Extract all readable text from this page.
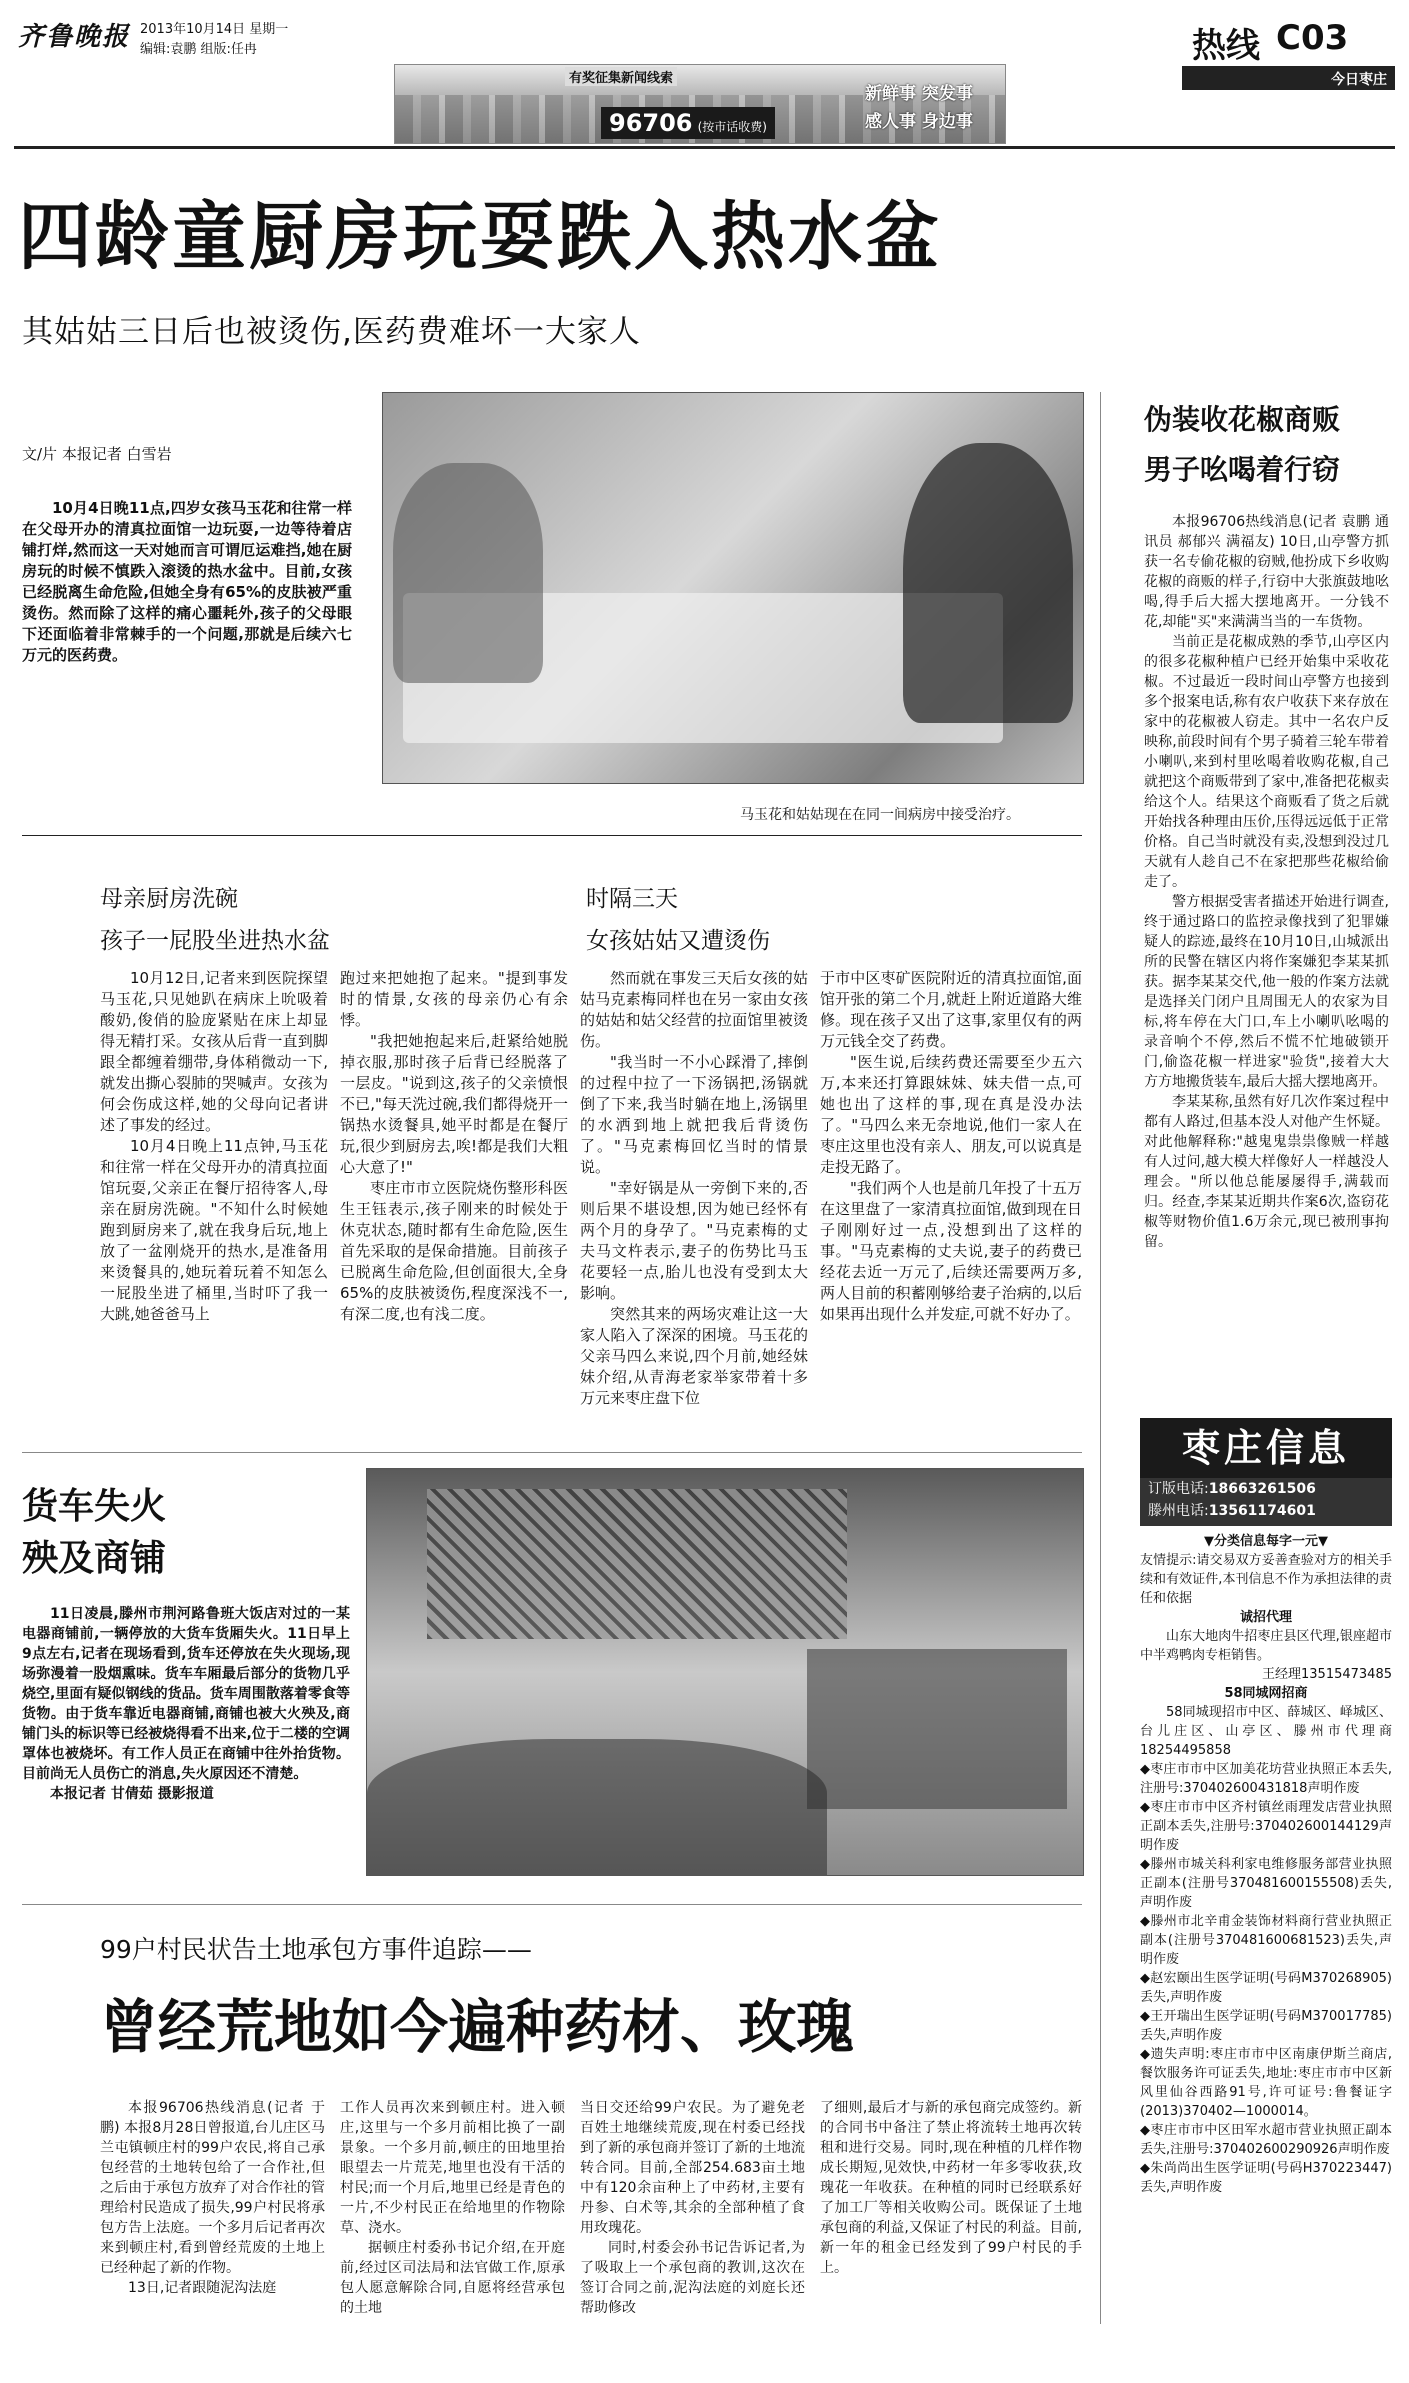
齐鲁晚报 2013年10月14日 星期一
编辑:袁鹏 组版:任冉
有奖征集新闻线索
96706 (按市话收费)
新鲜事 突发事
感人事 身边事
热线 C03
今日枣庄
四龄童厨房玩耍跌入热水盆
其姑姑三日后也被烫伤,医药费难坏一大家人
文/片 本报记者 白雪岩

10月4日晚11点,四岁女孩马玉花和往常一样在父母开办的清真拉面馆一边玩耍,一边等待着店铺打烊,然而这一天对她而言可谓厄运难挡,她在厨房玩的时候不慎跌入滚烫的热水盆中。目前,女孩已经脱离生命危险,但她全身有65%的皮肤被严重烫伤。然而除了这样的痛心噩耗外,孩子的父母眼下还面临着非常棘手的一个问题,那就是后续六七万元的医药费。

马玉花和姑姑现在在同一间病房中接受治疗。
母亲厨房洗碗
孩子一屁股坐进热水盆
时隔三天
女孩姑姑又遭烫伤

10月12日,记者来到医院探望马玉花,只见她趴在病床上吮吸着酸奶,俊俏的脸庞紧贴在床上却显得无精打采。女孩从后背一直到脚跟全都缠着绷带,身体稍微动一下,就发出撕心裂肺的哭喊声。女孩为何会伤成这样,她的父母向记者讲述了事发的经过。

10月4日晚上11点钟,马玉花和往常一样在父母开办的清真拉面馆玩耍,父亲正在餐厅招待客人,母亲在厨房洗碗。"不知什么时候她跑到厨房来了,就在我身后玩,地上放了一盆刚烧开的热水,是准备用来烫餐具的,她玩着玩着不知怎么一屁股坐进了桶里,当时吓了我一大跳,她爸爸马上

跑过来把她抱了起来。"提到事发时的情景,女孩的母亲仍心有余悸。

"我把她抱起来后,赶紧给她脱掉衣服,那时孩子后背已经脱落了一层皮。"说到这,孩子的父亲愤恨不已,"每天洗过碗,我们都得烧开一锅热水烫餐具,她平时都是在餐厅玩,很少到厨房去,唉!都是我们大粗心大意了!"

枣庄市市立医院烧伤整形科医生王钰表示,孩子刚来的时候处于休克状态,随时都有生命危险,医生首先采取的是保命措施。目前孩子已脱离生命危险,但创面很大,全身65%的皮肤被烫伤,程度深浅不一,有深二度,也有浅二度。

然而就在事发三天后女孩的姑姑马克素梅同样也在另一家由女孩的姑姑和姑父经营的拉面馆里被烫伤。

"我当时一不小心踩滑了,摔倒的过程中拉了一下汤锅把,汤锅就倒了下来,我当时躺在地上,汤锅里的水洒到地上就把我后背烫伤了。"马克素梅回忆当时的情景说。

"幸好锅是从一旁倒下来的,否则后果不堪设想,因为她已经怀有两个月的身孕了。"马克素梅的丈夫马文杵表示,妻子的伤势比马玉花要轻一点,胎儿也没有受到太大影响。

突然其来的两场灾难让这一大家人陷入了深深的困境。马玉花的父亲马四么来说,四个月前,她经妹妹介绍,从青海老家举家带着十多万元来枣庄盘下位

于市中区枣矿医院附近的清真拉面馆,面馆开张的第二个月,就赶上附近道路大维修。现在孩子又出了这事,家里仅有的两万元钱全交了药费。

"医生说,后续药费还需要至少五六万,本来还打算跟妹妹、妹夫借一点,可她也出了这样的事,现在真是没办法了。"马四么来无奈地说,他们一家人在枣庄这里也没有亲人、朋友,可以说真是走投无路了。

"我们两个人也是前几年投了十五万在这里盘了一家清真拉面馆,做到现在日子刚刚好过一点,没想到出了这样的事。"马克素梅的丈夫说,妻子的药费已经花去近一万元了,后续还需要两万多,两人目前的积蓄刚够给妻子治病的,以后如果再出现什么并发症,可就不好办了。

伪装收花椒商贩
男子吆喝着行窃

本报96706热线消息(记者 袁鹏 通讯员 郝郁兴 满福友) 10日,山亭警方抓获一名专偷花椒的窃贼,他扮成下乡收购花椒的商贩的样子,行窃中大张旗鼓地吆喝,得手后大摇大摆地离开。一分钱不花,却能"买"来满满当当的一车货物。

当前正是花椒成熟的季节,山亭区内的很多花椒种植户已经开始集中采收花椒。不过最近一段时间山亭警方也接到多个报案电话,称有农户收获下来存放在家中的花椒被人窃走。其中一名农户反映称,前段时间有个男子骑着三轮车带着小喇叭,来到村里吆喝着收购花椒,自己就把这个商贩带到了家中,准备把花椒卖给这个人。结果这个商贩看了货之后就开始找各种理由压价,压得远远低于正常价格。自己当时就没有卖,没想到没过几天就有人趁自己不在家把那些花椒给偷走了。

警方根据受害者描述开始进行调查,终于通过路口的监控录像找到了犯罪嫌疑人的踪迹,最终在10月10日,山城派出所的民警在辖区内将作案嫌犯李某某抓获。据李某某交代,他一般的作案方法就是选择关门闭户且周围无人的农家为目标,将车停在大门口,车上小喇叭吆喝的录音响个不停,然后不慌不忙地破锁开门,偷盗花椒一样进家"验货",接着大大方方地搬货装车,最后大摇大摆地离开。

李某某称,虽然有好几次作案过程中都有人路过,但基本没人对他产生怀疑。对此他解释称:"越鬼鬼祟祟像贼一样越有人过问,越大模大样像好人一样越没人理会。"所以他总能屡屡得手,满载而归。经查,李某某近期共作案6次,盗窃花椒等财物价值1.6万余元,现已被刑事拘留。

枣庄信息
订版电话:18663261506
滕州电话:13561174601
▼分类信息每字一元▼
友情提示:请交易双方妥善查验对方的相关手续和有效证件,本刊信息不作为承担法律的责任和依据
诚招代理
山东大地肉牛招枣庄县区代理,银座超市中半鸡鸭肉专柜销售。
王经理13515473485
58同城网招商
58同城现招市中区、薛城区、峄城区、台儿庄区、山亭区、滕州市代理商18254495858
◆枣庄市市中区加美花坊营业执照正本丢失,注册号:370402600431818声明作废
◆枣庄市市中区齐村镇丝雨理发店营业执照正副本丢失,注册号:370402600144129声明作废
◆滕州市城关科利家电维修服务部营业执照正副本(注册号370481600155508)丢失,声明作废
◆滕州市北辛甫金装饰材料商行营业执照正副本(注册号370481600681523)丢失,声明作废
◆赵宏颐出生医学证明(号码M370268905)丢失,声明作废
◆王开瑞出生医学证明(号码M370017785)丢失,声明作废
◆遗失声明:枣庄市市中区南康伊斯兰商店,餐饮服务许可证丢失,地址:枣庄市市中区新风里仙谷西路91号,许可证号:鲁餐证字(2013)370402—1000014。
◆枣庄市市中区田军水超市营业执照正副本丢失,注册号:370402600290926声明作废
◆朱尚尚出生医学证明(号码H370223447)丢失,声明作废
货车失火
殃及商铺

11日凌晨,滕州市荆河路鲁班大饭店对过的一某电器商铺前,一辆停放的大货车货厢失火。11日早上9点左右,记者在现场看到,货车还停放在失火现场,现场弥漫着一股烟熏味。货车车厢最后部分的货物几乎烧空,里面有疑似钢线的货品。货车周围散落着零食等货物。由于货车靠近电器商铺,商铺也被大火殃及,商铺门头的标识等已经被烧得看不出来,位于二楼的空调罩体也被烧坏。有工作人员正在商铺中往外抬货物。目前尚无人员伤亡的消息,失火原因还不清楚。

本报记者 甘倩茹 摄影报道
99户村民状告土地承包方事件追踪——
曾经荒地如今遍种药材、玫瑰

本报96706热线消息(记者 于鹏) 本报8月28日曾报道,台儿庄区马兰屯镇顿庄村的99户农民,将自己承包经营的土地转包给了一合作社,但之后由于承包方放弃了对合作社的管理给村民造成了损失,99户村民将承包方告上法庭。一个多月后记者再次来到顿庄村,看到曾经荒废的土地上已经种起了新的作物。

13日,记者跟随泥沟法庭

工作人员再次来到顿庄村。进入顿庄,这里与一个多月前相比换了一副景象。一个多月前,顿庄的田地里抬眼望去一片荒芜,地里也没有干活的村民;而一个月后,地里已经是青色的一片,不少村民正在给地里的作物除草、浇水。

据顿庄村委孙书记介绍,在开庭前,经过区司法局和法官做工作,原承包人愿意解除合同,自愿将经营承包的土地

当日交还给99户农民。为了避免老百姓土地继续荒废,现在村委已经找到了新的承包商并签订了新的土地流转合同。目前,全部254.683亩土地中有120余亩种上了中药材,主要有丹参、白术等,其余的全部种植了食用玫瑰花。

同时,村委会孙书记告诉记者,为了吸取上一个承包商的教训,这次在签订合同之前,泥沟法庭的刘庭长还帮助修改

了细则,最后才与新的承包商完成签约。新的合同书中备注了禁止将流转土地再次转租和进行交易。同时,现在种植的几样作物成长期短,见效快,中药材一年多零收获,玫瑰花一年收获。在种植的同时已经联系好了加工厂等相关收购公司。既保证了土地承包商的利益,又保证了村民的利益。目前,新一年的租金已经发到了99户村民的手上。
